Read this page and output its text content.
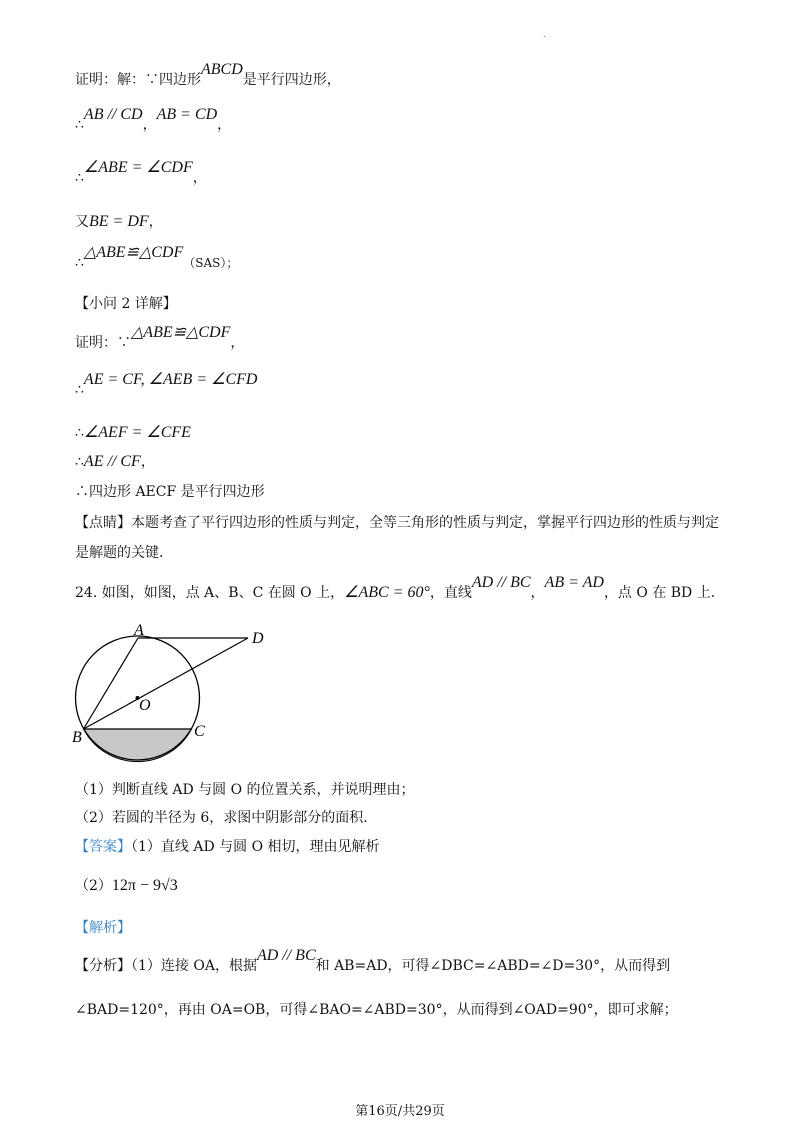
.
证明：解：∵四边形ABCD是平行四边形，
∴AB // CD，AB = CD，
∴∠ABE = ∠CDF，
又BE = DF，
∴△ABE≌△CDF（SAS）；
【小问 2 详解】
证明：∵△ABE≌△CDF，
∴AE = CF, ∠AEB = ∠CFD
∴∠AEF = ∠CFE
∴AE // CF，
∴四边形 AECF 是平行四边形
【点睛】本题考查了平行四边形的性质与判定，全等三角形的性质与判定，掌握平行四边形的性质与判定
是解题的关键.
24. 如图，如图，点 A、B、C 在圆 O 上，∠ABC = 60°，直线AD // BC，AB = AD，点 O 在 BD 上.
A	D
O
B	C
（1）判断直线 AD 与圆 O 的位置关系，并说明理由；
（2）若圆的半径为 6，求图中阴影部分的面积.
【答案】（1）直线 AD 与圆 O 相切，理由见解析
（2）12π − 9√3
【解析】
【分析】（1）连接 OA，根据AD // BC和 AB=AD，可得∠DBC=∠ABD=∠D=30°，从而得到
∠BAD=120°，再由 OA=OB，可得∠BAO=∠ABD=30°，从而得到∠OAD=90°，即可求解；
第16页/共29页
